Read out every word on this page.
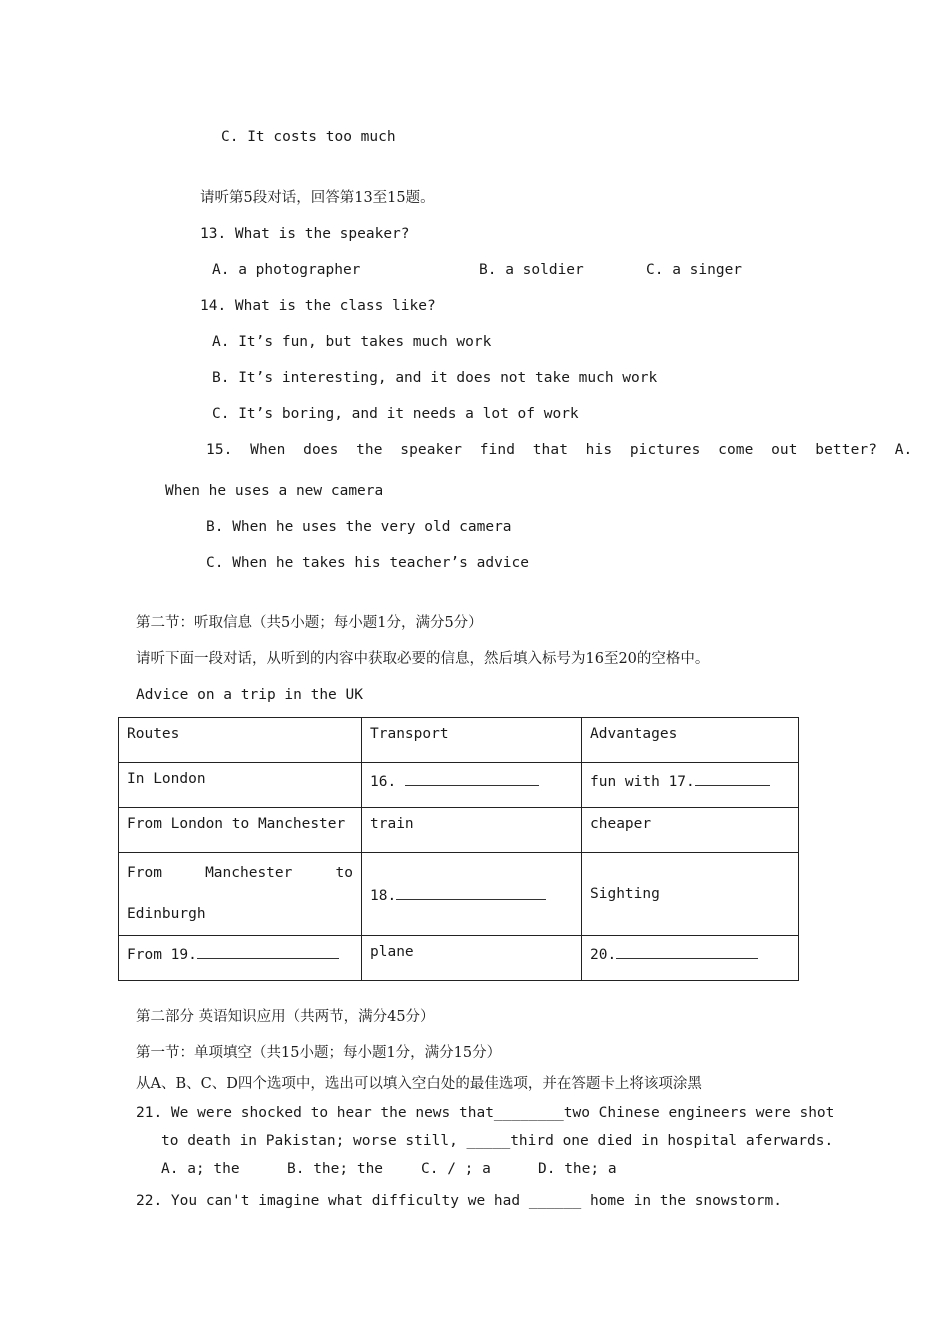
C. It costs too much
请听第5段对话，回答第13至15题。
13. What is the speaker?
A. a photographer	B. a soldier	C. a singer
14. What is the class like?
A. It’s fun, but takes much work
B. It’s interesting, and it does not take much work
C. It’s boring, and it needs a lot of work
15.  When  does  the  speaker  find  that  his  pictures  come  out  better?  A.
When he uses a new camera
B. When he uses the very old camera
C. When he takes his teacher’s advice
第二节：听取信息（共5小题；每小题1分，满分5分）
请听下面一段对话，从听到的内容中获取必要的信息，然后填入标号为16至20的空格中。
Advice on a trip in the UK
Routes	Transport	Advantages
In London	16.	fun with 17.
From London to Manchester	train	cheaper
From Manchester to Edinburgh	18.	Sighting
From 19.	plane	20.
第二部分 英语知识应用（共两节，满分45分）
第一节：单项填空（共15小题；每小题1分，满分15分）
从A、B、C、D四个选项中，选出可以填入空白处的最佳选项，并在答题卡上将该项涂黑
21. We were shocked to hear the news that________two Chinese engineers were shot
to death in Pakistan; worse still, _____third one died in hospital aferwards.
A. a; the	B. the; the	C. / ; a	D. the; a
22. You can't imagine what difficulty we had ______ home in the snowstorm.
